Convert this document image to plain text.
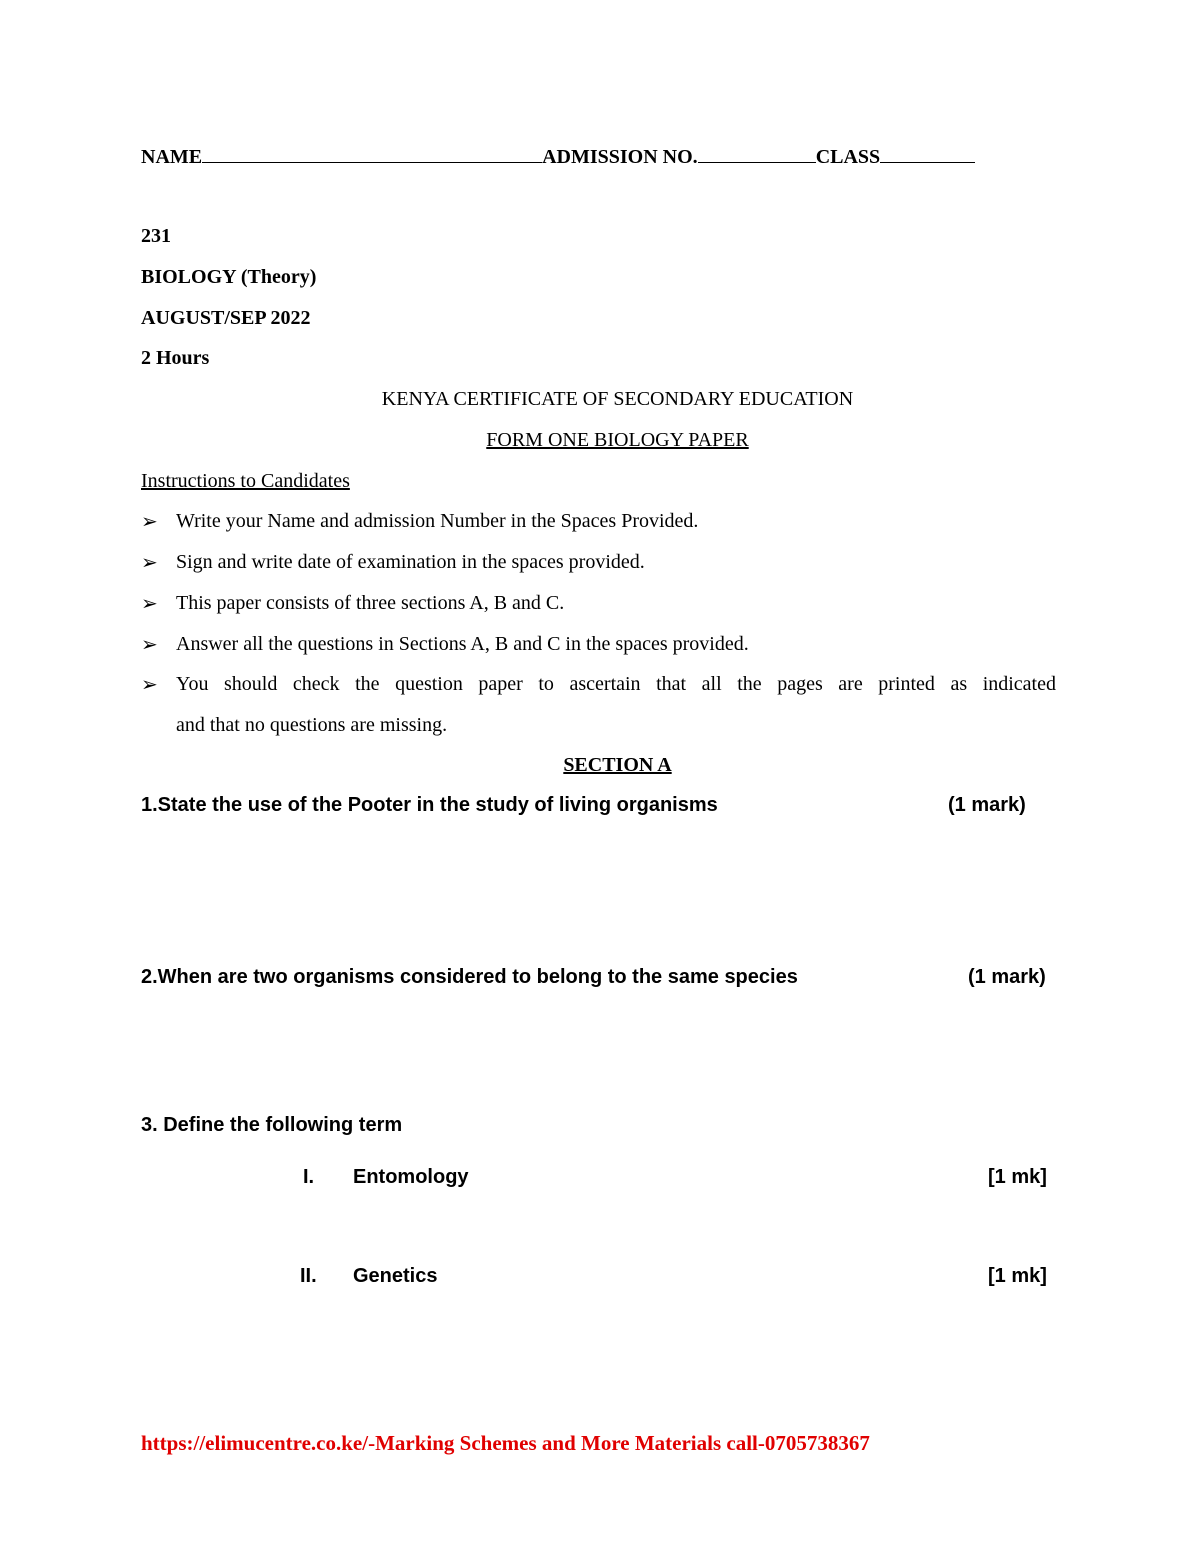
NAME	ADMISSION NO.	CLASS
231
BIOLOGY (Theory)
AUGUST/SEP 2022
2 Hours
KENYA CERTIFICATE OF SECONDARY EDUCATION
FORM ONE BIOLOGY PAPER
Instructions to Candidates
➢ Write your Name and admission Number in the Spaces Provided.
➢ Sign and write date of examination in the spaces provided.
➢ This paper consists of three sections A, B and C.
➢ Answer all the questions in Sections A, B and C in the spaces provided.
➢ You should check the question paper to ascertain that all the pages are printed as indicated
and that no questions are missing.
SECTION A
1.State the use of the Pooter in the study of living organisms	(1 mark)
2.When are two organisms considered to belong to the same species	(1 mark)
3. Define the following term
I. Entomology	[1 mk]
II. Genetics	[1 mk]
https://elimucentre.co.ke/-Marking Schemes and More Materials call-0705738367
